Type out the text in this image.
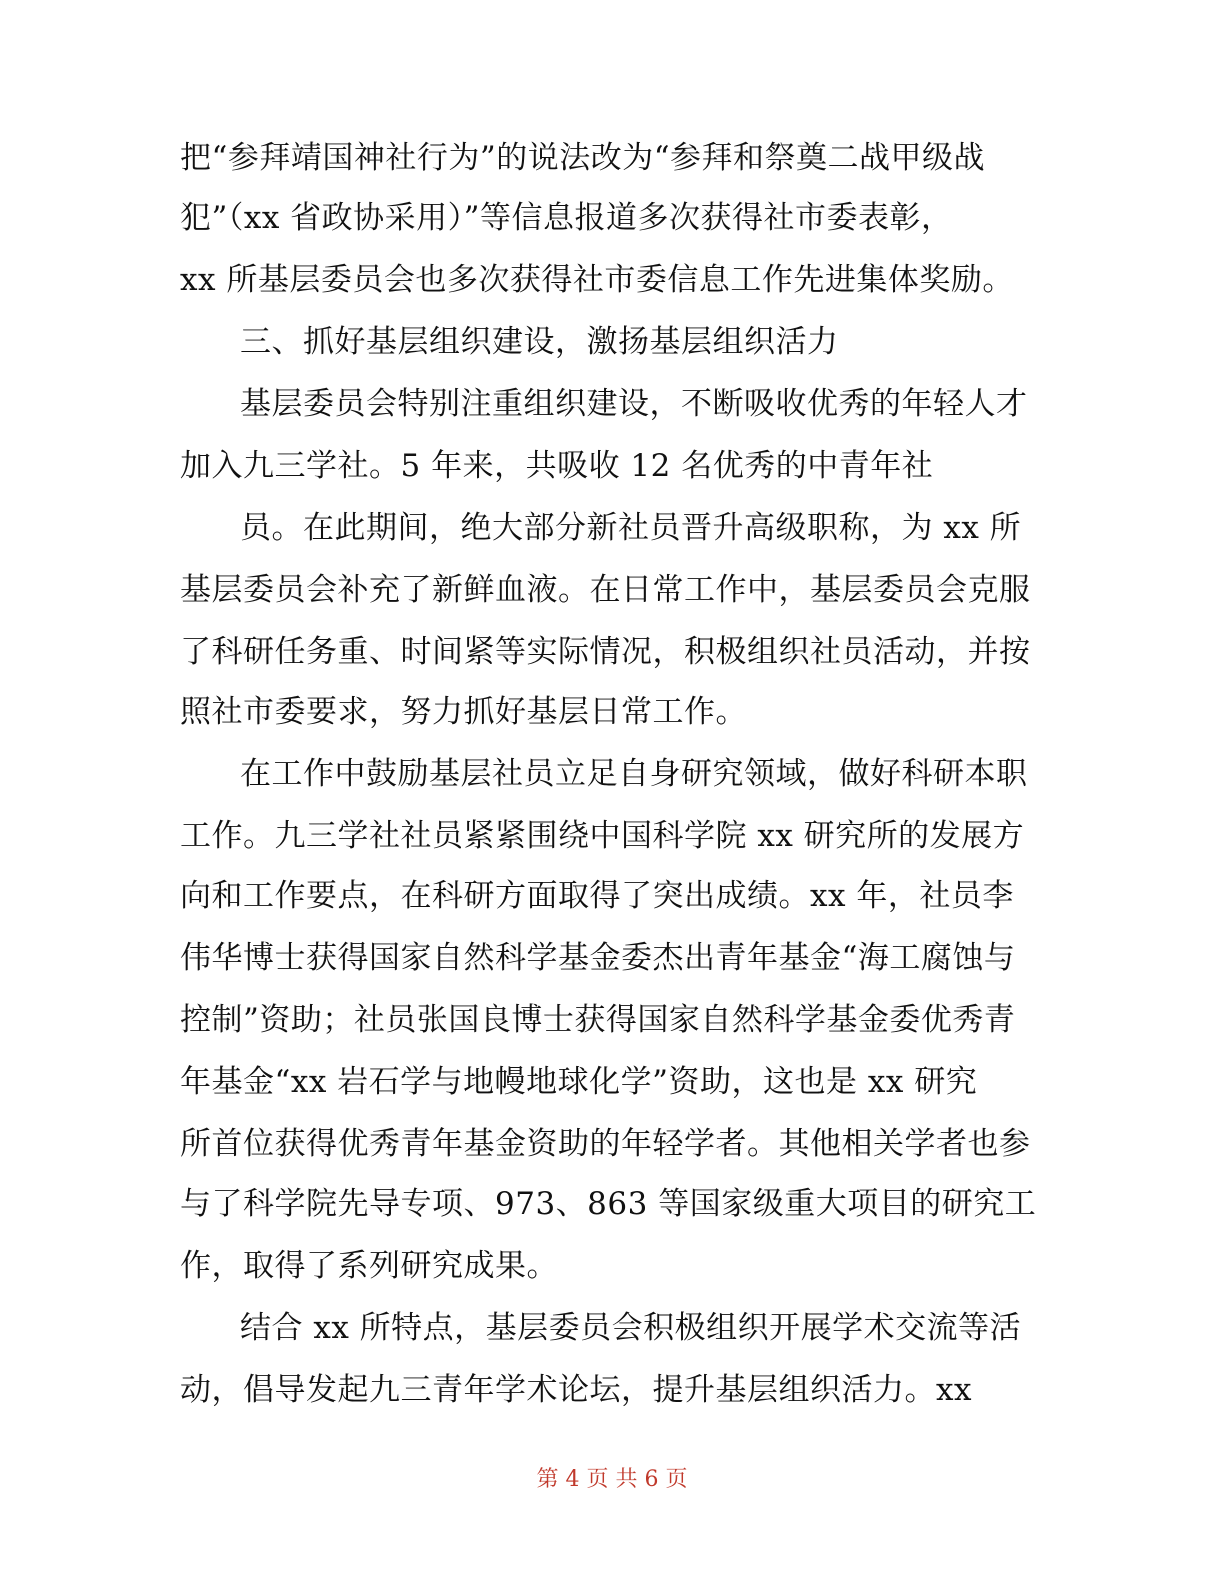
把“参拜靖国神社行为”的说法改为“参拜和祭奠二战甲级战
犯”（xx 省政协采用）”等信息报道多次获得社市委表彰，
xx 所基层委员会也多次获得社市委信息工作先进集体奖励。
三、抓好基层组织建设，激扬基层组织活力
基层委员会特别注重组织建设，不断吸收优秀的年轻人才
加入九三学社。5 年来，共吸收 12 名优秀的中青年社
员。在此期间，绝大部分新社员晋升高级职称，为 xx 所
基层委员会补充了新鲜血液。在日常工作中，基层委员会克服
了科研任务重、时间紧等实际情况，积极组织社员活动，并按
照社市委要求，努力抓好基层日常工作。
在工作中鼓励基层社员立足自身研究领域，做好科研本职
工作。九三学社社员紧紧围绕中国科学院 xx 研究所的发展方
向和工作要点，在科研方面取得了突出成绩。xx 年，社员李
伟华博士获得国家自然科学基金委杰出青年基金“海工腐蚀与
控制”资助；社员张国良博士获得国家自然科学基金委优秀青
年基金“xx 岩石学与地幔地球化学”资助，这也是 xx 研究
所首位获得优秀青年基金资助的年轻学者。其他相关学者也参
与了科学院先导专项、973、863 等国家级重大项目的研究工
作，取得了系列研究成果。
结合 xx 所特点，基层委员会积极组织开展学术交流等活
动，倡导发起九三青年学术论坛，提升基层组织活力。xx
第 4 页 共 6 页
